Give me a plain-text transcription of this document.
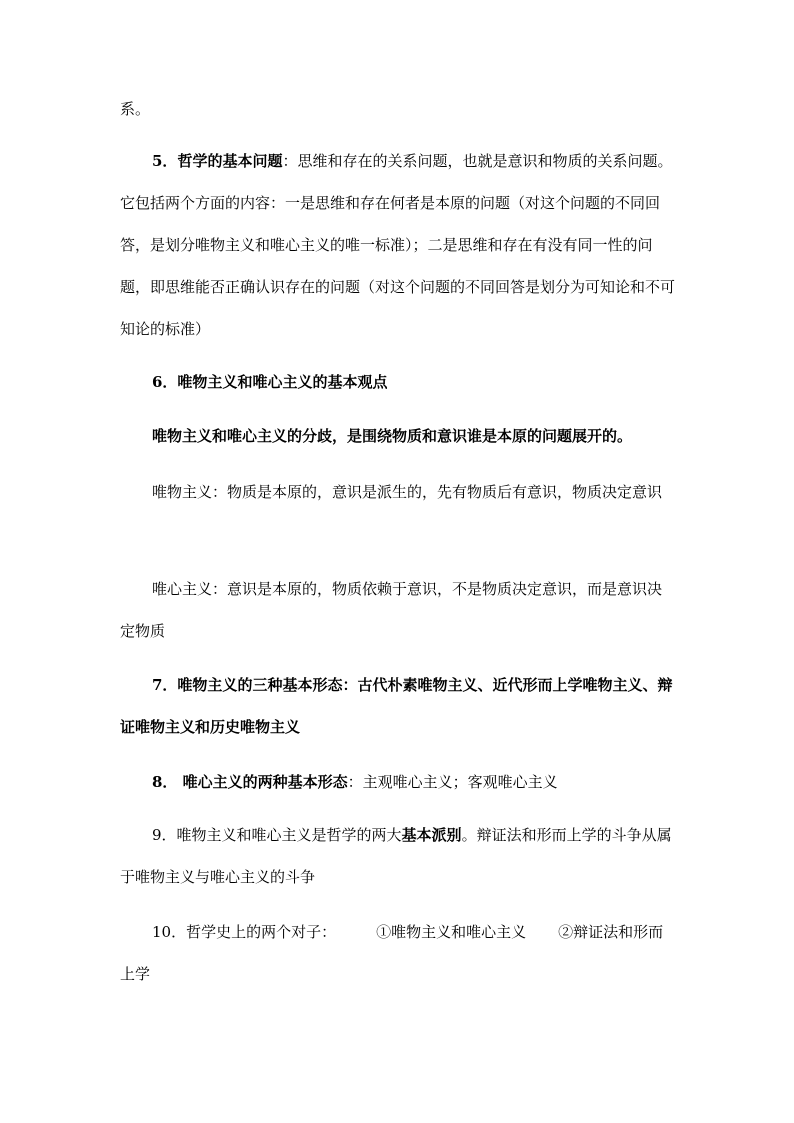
系。

5．哲学的基本问题：思维和存在的关系问题，也就是意识和物质的关系问题。它包括两个方面的内容：一是思维和存在何者是本原的问题（对这个问题的不同回答，是划分唯物主义和唯心主义的唯一标准）；二是思维和存在有没有同一性的问题，即思维能否正确认识存在的问题（对这个问题的不同回答是划分为可知论和不可知论的标准）

6．唯物主义和唯心主义的基本观点

唯物主义和唯心主义的分歧，是围绕物质和意识谁是本原的问题展开的。

唯物主义：物质是本原的，意识是派生的，先有物质后有意识，物质决定意识

唯心主义：意识是本原的，物质依赖于意识，不是物质决定意识，而是意识决定物质

7．唯物主义的三种基本形态：古代朴素唯物主义、近代形而上学唯物主义、辩证唯物主义和历史唯物主义

8． 唯心主义的两种基本形态：主观唯心主义；客观唯心主义

9．唯物主义和唯心主义是哲学的两大基本派别。辩证法和形而上学的斗争从属于唯物主义与唯心主义的斗争

10．哲学史上的两个对子：	①唯物主义和唯心主义 ②辩证法和形而上学
